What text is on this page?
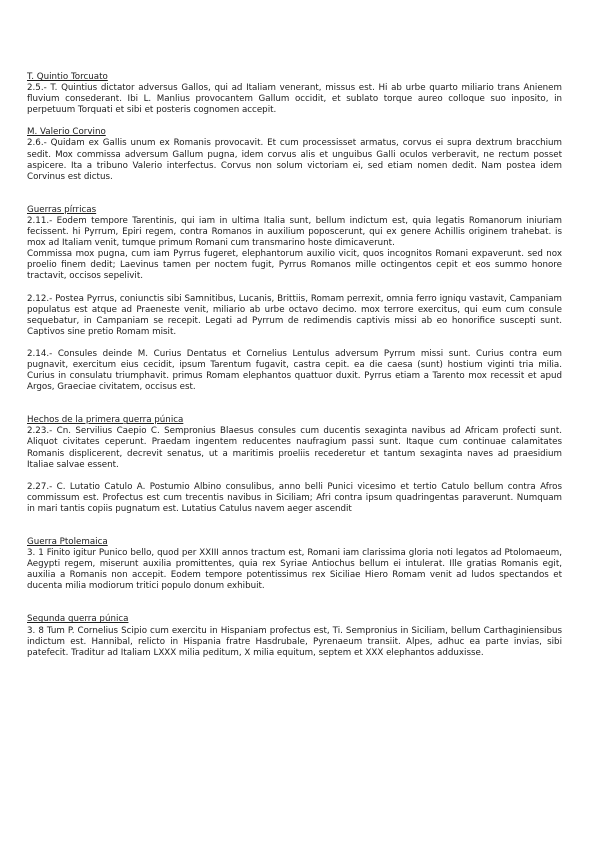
T. Quintio Torcuato

2.5.- T. Quintius dictator adversus Gallos, qui ad Italiam venerant, missus est. Hi ab urbe quarto miliario trans Anienem fluvium consederant. Ibi L. Manlius provocantem Gallum occidit, et sublato torque aureo colloque suo inposito, in perpetuum Torquati et sibi et posteris cognomen accepit.

M. Valerio Corvino

2.6.- Quidam ex Gallis unum ex Romanis provocavit. Et cum processisset armatus, corvus ei supra dextrum bracchium sedit. Mox commissa adversum Gallum pugna, idem corvus alis et unguibus Galli oculos verberavit, ne rectum posset aspicere. Ita a tribuno Valerio interfectus. Corvus non solum victoriam ei, sed etiam nomen dedit. Nam postea idem Corvinus est dictus.

Guerras pírricas

2.11.- Eodem tempore Tarentinis, qui iam in ultima Italia sunt, bellum indictum est, quia legatis Romanorum iniuriam fecissent. hi Pyrrum, Epiri regem, contra Romanos in auxilium poposcerunt, qui ex genere Achillis originem trahebat. is mox ad Italiam venit, tumque primum Romani cum transmarino hoste dimicaverunt.

Commissa mox pugna, cum iam Pyrrus fugeret, elephantorum auxilio vicit, quos incognitos Romani expaverunt. sed nox proelio finem dedit; Laevinus tamen per noctem fugit, Pyrrus Romanos mille octingentos cepit et eos summo honore tractavit, occisos sepelivit.

2.12.- Postea Pyrrus, coniunctis sibi Samnitibus, Lucanis, Brittiis, Romam perrexit, omnia ferro igniqu vastavit, Campaniam populatus est atque ad Praeneste venit, miliario ab urbe octavo decimo. mox terrore exercitus, qui eum cum consule sequebatur, in Campaniam se recepit. Legati ad Pyrrum de redimendis captivis missi ab eo honorifice suscepti sunt. Captivos sine pretio Romam misit.

2.14.- Consules deinde M. Curius Dentatus et Cornelius Lentulus adversum Pyrrum missi sunt. Curius contra eum pugnavit, exercitum eius cecidit, ipsum Tarentum fugavit, castra cepit. ea die caesa (sunt) hostium viginti tria milia. Curius in consulatu triumphavit. primus Romam elephantos quattuor duxit. Pyrrus etiam a Tarento mox recessit et apud Argos, Graeciae civitatem, occisus est.

Hechos de la primera guerra púnica

2.23.- Cn. Servilius Caepio C. Sempronius Blaesus consules cum ducentis sexaginta navibus ad Africam profecti sunt. Aliquot civitates ceperunt. Praedam ingentem reducentes naufragium passi sunt. Itaque cum continuae calamitates Romanis displicerent, decrevit senatus, ut a maritimis proeliis recederetur et tantum sexaginta naves ad praesidium Italiae salvae essent.

2.27.- C. Lutatio Catulo A. Postumio Albino consulibus, anno belli Punici vicesimo et tertio Catulo bellum contra Afros commissum est. Profectus est cum trecentis navibus in Siciliam; Afri contra ipsum quadringentas paraverunt. Numquam in mari tantis copiis pugnatum est. Lutatius Catulus navem aeger ascendit

Guerra Ptolemaica

3. 1 Finito igitur Punico bello, quod per XXIII annos tractum est, Romani iam clarissima gloria noti legatos ad Ptolomaeum, Aegypti regem, miserunt auxilia promittentes, quia rex Syriae Antiochus bellum ei intulerat. Ille gratias Romanis egit, auxilia a Romanis non accepit. Eodem tempore potentissimus rex Siciliae Hiero Romam venit ad ludos spectandos et ducenta milia modiorum tritici populo donum exhibuit.

Segunda guerra púnica

3. 8 Tum P. Cornelius Scipio cum exercitu in Hispaniam profectus est, Ti. Sempronius in Siciliam, bellum Carthaginiensibus indictum est. Hannibal, relicto in Hispania fratre Hasdrubale, Pyrenaeum transiit. Alpes, adhuc ea parte invias, sibi patefecit. Traditur ad Italiam LXXX milia peditum, X milia equitum, septem et XXX elephantos adduxisse.
